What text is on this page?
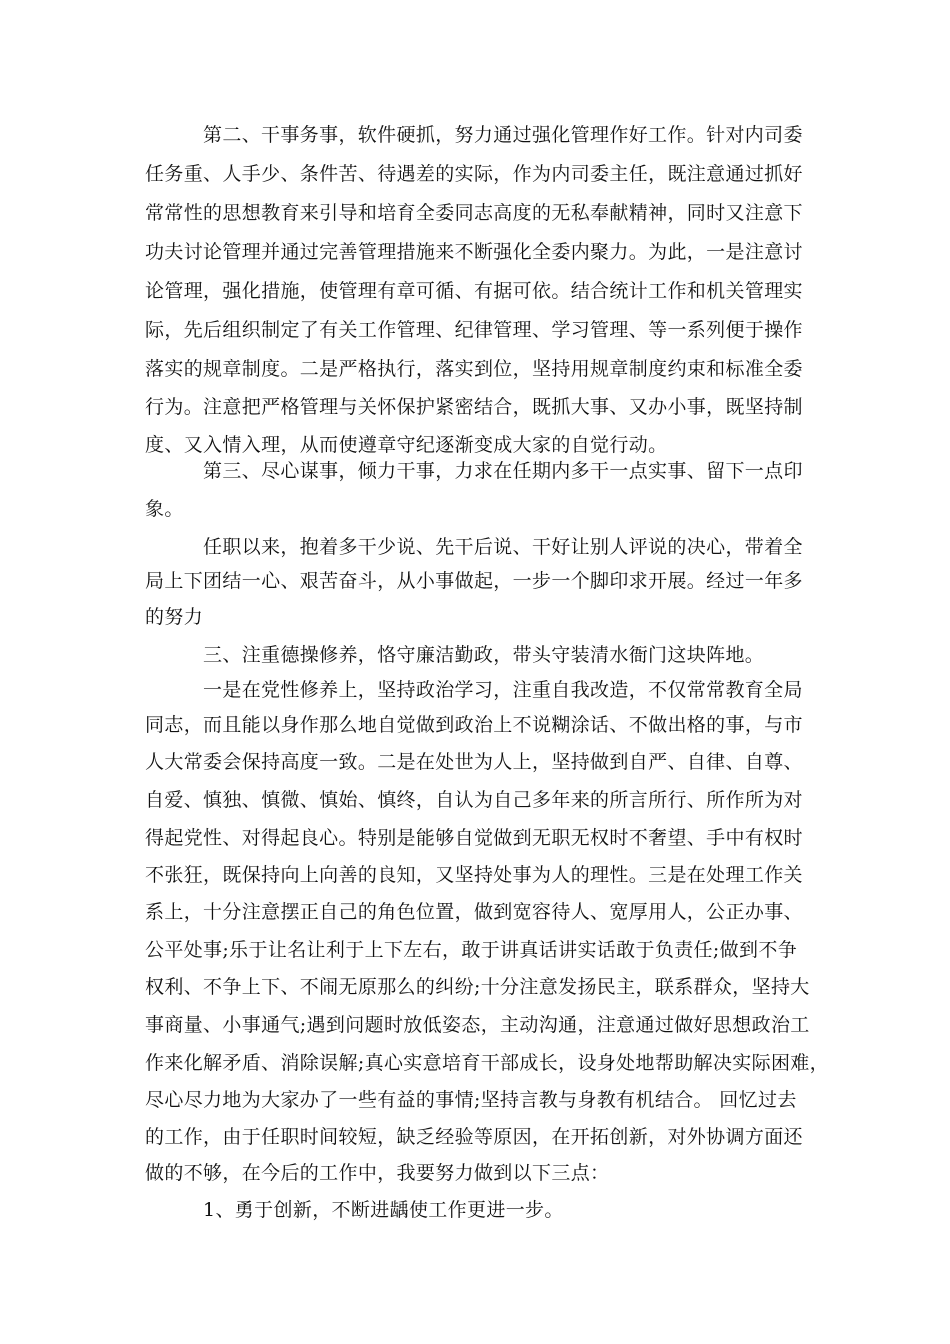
第二、干事务事，软件硬抓，努力通过强化管理作好工作。针对内司委

任务重、人手少、条件苦、待遇差的实际，作为内司委主任，既注意通过抓好

常常性的思想教育来引导和培育全委同志高度的无私奉献精神，同时又注意下

功夫讨论管理并通过完善管理措施来不断强化全委内聚力。为此，一是注意讨

论管理，强化措施，使管理有章可循、有据可依。结合统计工作和机关管理实

际，先后组织制定了有关工作管理、纪律管理、学习管理、等一系列便于操作

落实的规章制度。二是严格执行，落实到位，坚持用规章制度约束和标准全委

行为。注意把严格管理与关怀保护紧密结合，既抓大事、又办小事，既坚持制

度、又入情入理，从而使遵章守纪逐渐变成大家的自觉行动。

第三、尽心谋事，倾力干事，力求在任期内多干一点实事、留下一点印

象。

任职以来，抱着多干少说、先干后说、干好让别人评说的决心，带着全

局上下团结一心、艰苦奋斗，从小事做起，一步一个脚印求开展。经过一年多

的努力

三、注重德操修养，恪守廉洁勤政，带头守装清水衙门这块阵地。

一是在党性修养上，坚持政治学习，注重自我改造，不仅常常教育全局

同志，而且能以身作那么地自觉做到政治上不说糊涂话、不做出格的事，与市

人大常委会保持高度一致。二是在处世为人上，坚持做到自严、自律、自尊、

自爱、慎独、慎微、慎始、慎终，自认为自己多年来的所言所行、所作所为对

得起党性、对得起良心。特别是能够自觉做到无职无权时不奢望、手中有权时

不张狂，既保持向上向善的良知，又坚持处事为人的理性。三是在处理工作关

系上，十分注意摆正自己的角色位置，做到宽容待人、宽厚用人，公正办事、

公平处事;乐于让名让利于上下左右，敢于讲真话讲实话敢于负责任;做到不争

权利、不争上下、不闹无原那么的纠纷;十分注意发扬民主，联系群众，坚持大

事商量、小事通气;遇到问题时放低姿态，主动沟通，注意通过做好思想政治工

作来化解矛盾、消除误解;真心实意培育干部成长，设身处地帮助解决实际困难，

尽心尽力地为大家办了一些有益的事情;坚持言教与身教有机结合。 回忆过去

的工作，由于任职时间较短，缺乏经验等原因，在开拓创新，对外协调方面还

做的不够，在今后的工作中，我要努力做到以下三点：

1、勇于创新，不断进龋使工作更进一步。
